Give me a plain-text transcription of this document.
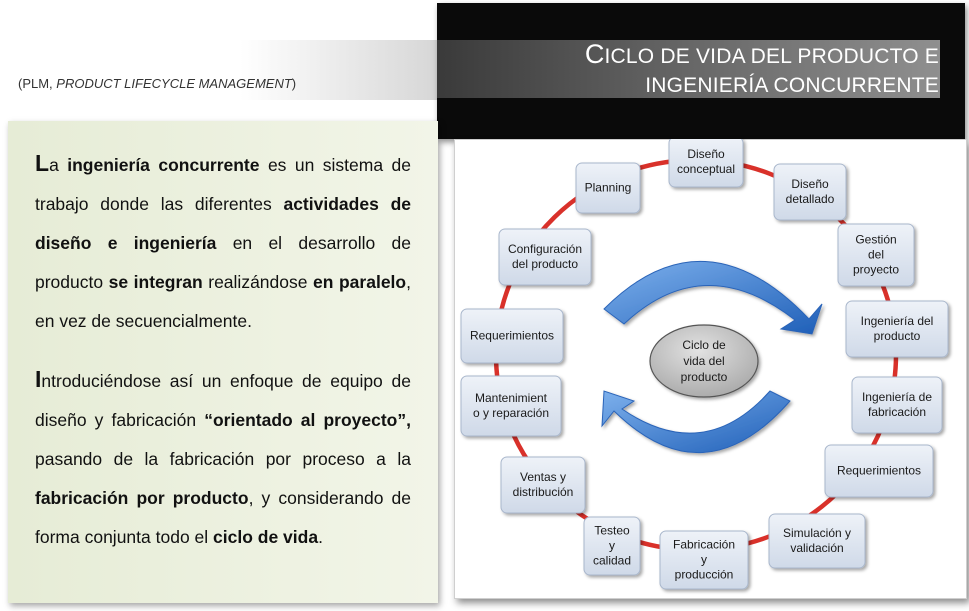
(PLM, PRODUCT LIFECYCLE MANAGEMENT)
CICLO DE VIDA DEL PRODUCTO E
INGENIERÍA CONCURRENTE
La ingeniería concurrente es un sistema de trabajo donde las diferentes actividades de diseño e ingeniería en el desarrollo de producto se integran realizándose en paralelo, en vez de secuencialmente.
Introduciéndose así un enfoque de equipo de diseño y fabricación “orientado al proyecto”, pasando de la fabricación por proceso a la fabricación por producto, y considerando de forma conjunta todo el ciclo de vida.
Ciclo de
vida del
producto
Diseño
conceptual
Diseño
detallado
Gestión
del
proyecto
Ingeniería del
producto
Ingeniería de
fabricación
Requerimientos
Simulación y
validación
Fabricación
y
producción
Testeo
y
calidad
Ventas y
distribución
Mantenimient
o y reparación
Requerimientos
Configuración
del producto
Planning
